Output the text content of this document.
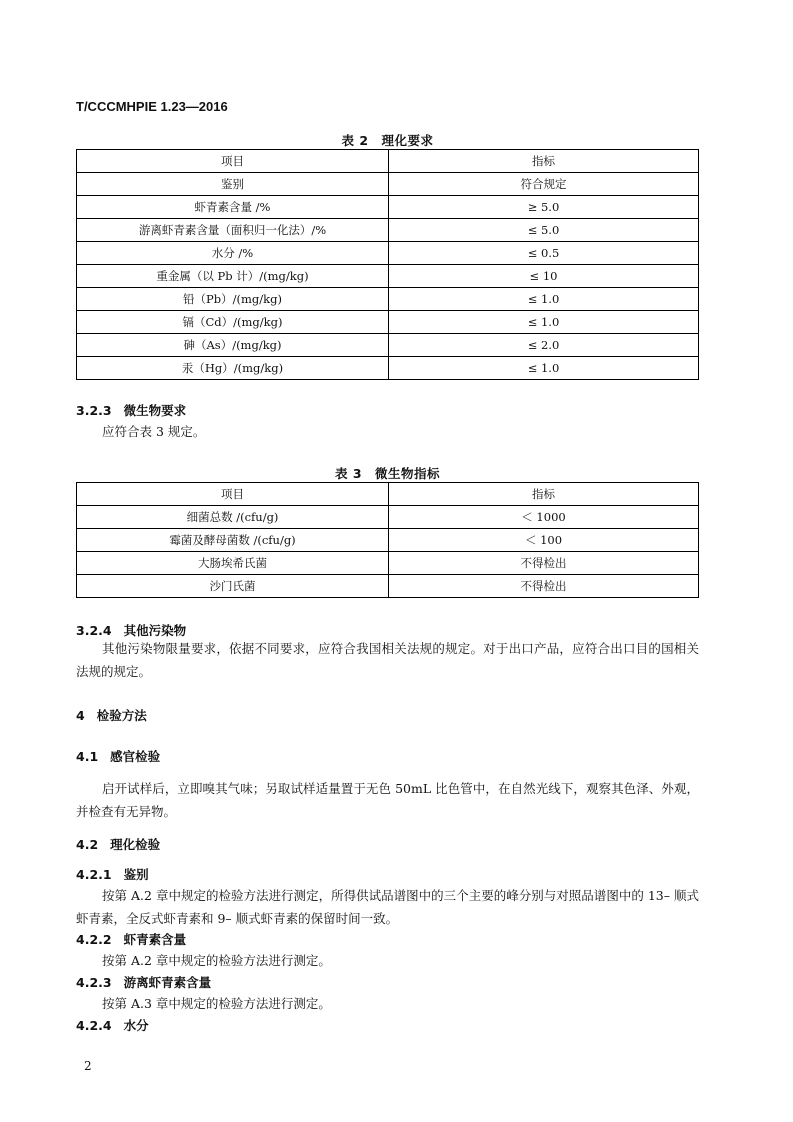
T/CCCMHPIE 1.23—2016
表 2　理化要求
项目	指标
鉴别	符合规定
虾青素含量 /%	≥ 5.0
游离虾青素含量（面积归一化法）/%	≤ 5.0
水分 /%	≤ 0.5
重金属（以 Pb 计）/(mg/kg)	≤ 10
铅（Pb）/(mg/kg)	≤ 1.0
镉（Cd）/(mg/kg)	≤ 1.0
砷（As）/(mg/kg)	≤ 2.0
汞（Hg）/(mg/kg)	≤ 1.0
3.2.3 微生物要求
应符合表 3 规定。
表 3　微生物指标
项目	指标
细菌总数 /(cfu/g)	＜ 1000
霉菌及酵母菌数 /(cfu/g)	＜ 100
大肠埃希氏菌	不得检出
沙门氏菌	不得检出
3.2.4 其他污染物
其他污染物限量要求，依据不同要求，应符合我国相关法规的规定。对于出口产品，应符合出口目的国相关法规的规定。
4 检验方法
4.1 感官检验
启开试样后，立即嗅其气味；另取试样适量置于无色 50mL 比色管中，在自然光线下，观察其色泽、外观，并检查有无异物。
4.2 理化检验
4.2.1 鉴别
按第 A.2 章中规定的检验方法进行测定，所得供试品谱图中的三个主要的峰分别与对照品谱图中的 13– 顺式虾青素，全反式虾青素和 9– 顺式虾青素的保留时间一致。
4.2.2 虾青素含量
按第 A.2 章中规定的检验方法进行测定。
4.2.3 游离虾青素含量
按第 A.3 章中规定的检验方法进行测定。
4.2.4 水分
2
